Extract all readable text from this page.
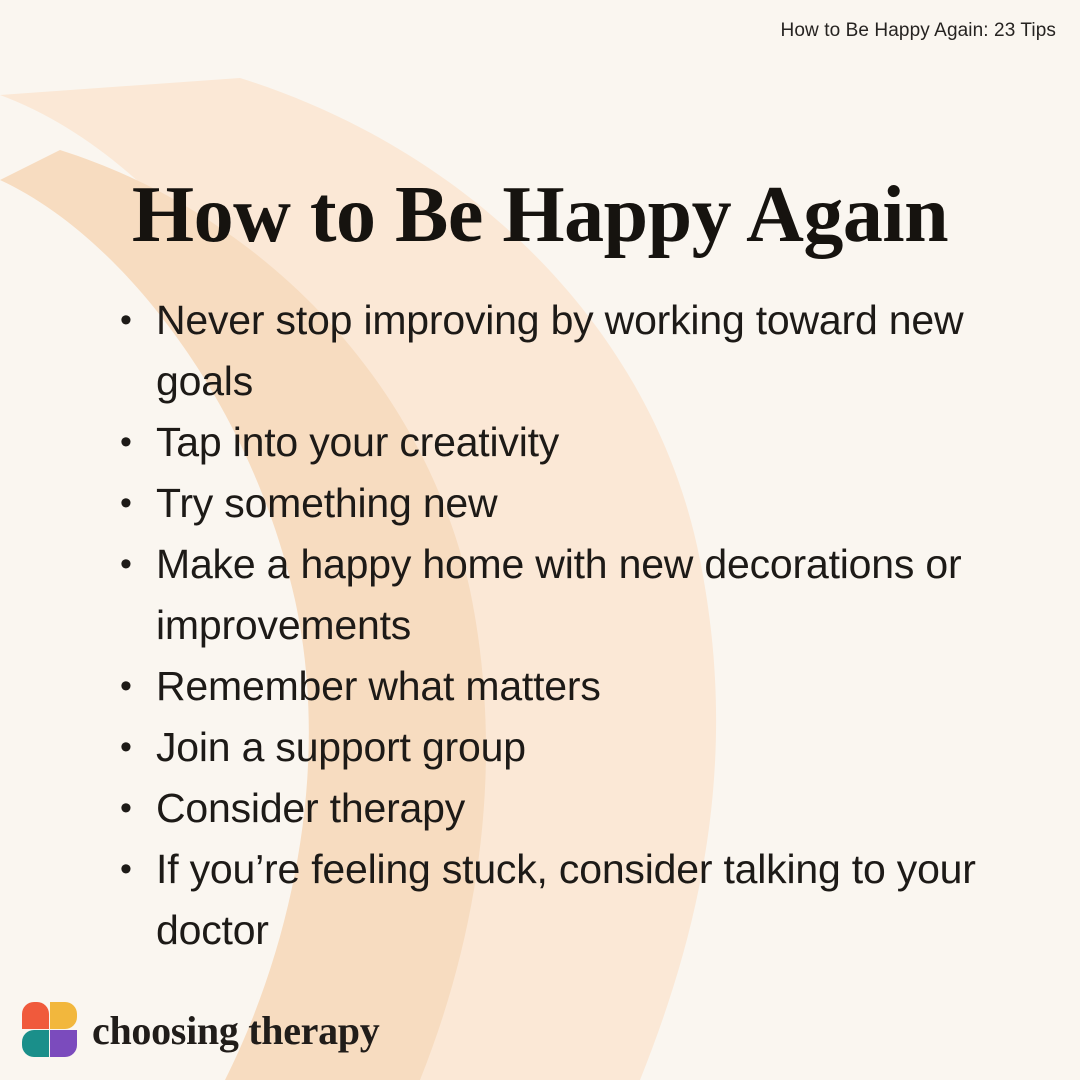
How to Be Happy Again: 23 Tips
How to Be Happy Again
• Never stop improving by working toward new goals
• Tap into your creativity
• Try something new
• Make a happy home with new decorations or improvements
• Remember what matters
• Join a support group
• Consider therapy
• If you’re feeling stuck, consider talking to your doctor
choosing therapy
